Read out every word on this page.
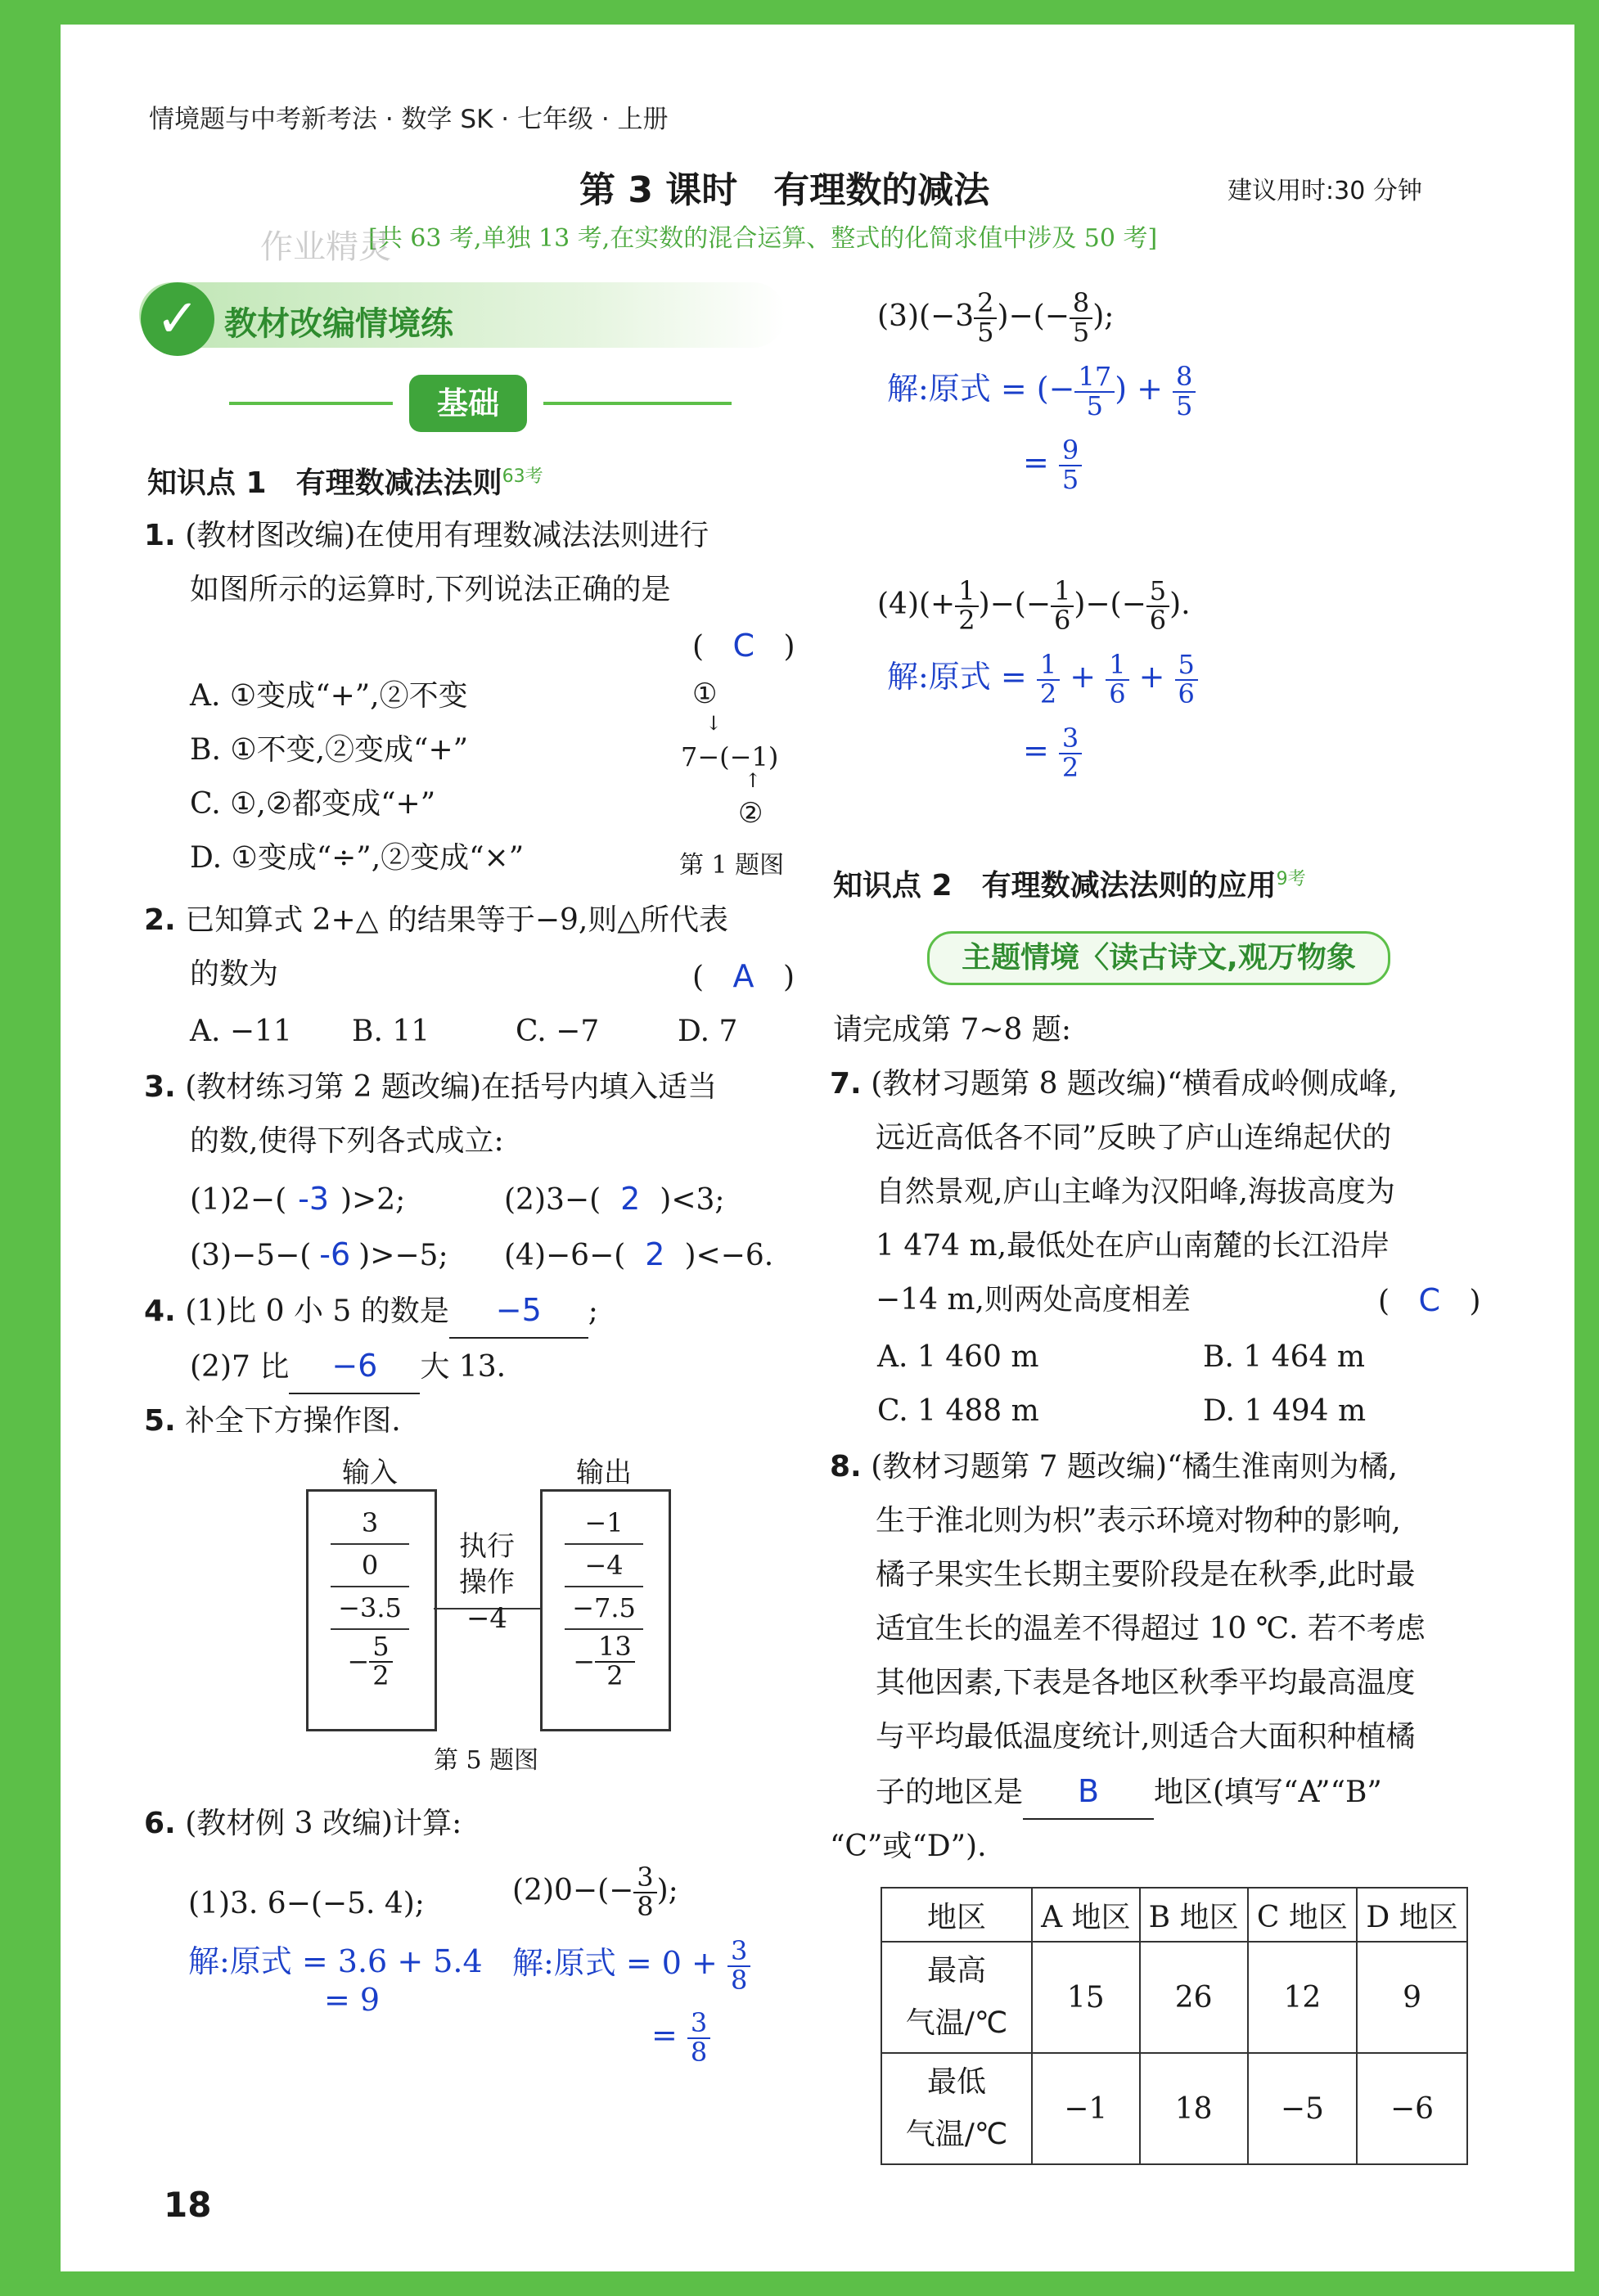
情境题与中考新考法 · 数学 SK · 七年级 · 上册
第 3 课时　有理数的减法	建议用时:30 分钟
[共 63 考,单独 13 考,在实数的混合运算、整式的化简求值中涉及 50 考]
作业精灵
✓ 教材改编情境练
基础
知识点 1　有理数减法法则$^{63考}$
1. (教材图改编)在使用有理数减法法则进行
如图所示的运算时,下列说法正确的是
( C )
A. ①变成“+”,②不变
B. ①不变,②变成“+”
C. ①,②都变成“+”
D. ①变成“÷”,②变成“×”
①
↓
7−(−1)
↑
②
第 1 题图
2. 已知算式 2+△ 的结果等于−9,则△所代表
的数为	( A )
A. −11 B. 11	C. −7	D. 7
3. (教材练习第 2 题改编)在括号内填入适当
的数,使得下列各式成立:
(1)2−( -3 )>2;	(2)3−( 2 )<3;
(3)−5−( -6 )>−5; (4)−6−( 2 )<−6.
4. (1)比 0 小 5 的数是 −5 ;
(2)7 比 −6 大 13.
5. 补全下方操作图.
输入	输出
3
0
−3.5
− $\frac{5}{2}$
执行
操作
−4
−1
−4
−7.5
− $\frac{13}{2}$
第 5 题图
6. (教材例 3 改编)计算:
(1)3. 6−(−5. 4);
解:原式 = 3.6 + 5.4
= 9
$(2)0-(- \frac{3}{8}$ );
解:原式 = $0 + \frac{3}{8}$
= $\frac{3}{8}$
$(3)(-3 \frac{2}{5}$ )−(− $\frac{8}{5}$ );
解:原式 = (− $\frac{17}{5}$ ) + $\frac{8}{5}$
= $\frac{9}{5}$
$(4)(+ \frac{1}{2}$ )−(− $\frac{1}{6}$ )−(− $\frac{5}{6}$ ).
解:原式 = $\frac{1}{2} + \frac{1}{6} + \frac{5}{6}$
= $\frac{3}{2}$
知识点 2　有理数减法法则的应用$^{9考}$
主题情境〈读古诗文,观万物象
请完成第 7~8 题:
7. (教材习题第 8 题改编)“横看成岭侧成峰,
远近高低各不同”反映了庐山连绵起伏的
自然景观,庐山主峰为汉阳峰,海拔高度为
1 474 m,最低处在庐山南麓的长江沿岸
−14 m,则两处高度相差	( C )
A. 1 460 m	B. 1 464 m
C. 1 488 m	D. 1 494 m
8. (教材习题第 7 题改编)“橘生淮南则为橘,
生于淮北则为枳”表示环境对物种的影响,
橘子果实生长期主要阶段是在秋季,此时最
适宜生长的温差不得超过 10 ℃. 若不考虑
其他因素,下表是各地区秋季平均最高温度
与平均最低温度统计,则适合大面积种植橘
子的地区是 B 地区(填写“A”“B”
“C”或“D”).
地区	A 地区	B 地区	C 地区	D 地区

最高
气温/℃	15	26	12	9

最低
气温/℃	−1	18	−5	−6
18
